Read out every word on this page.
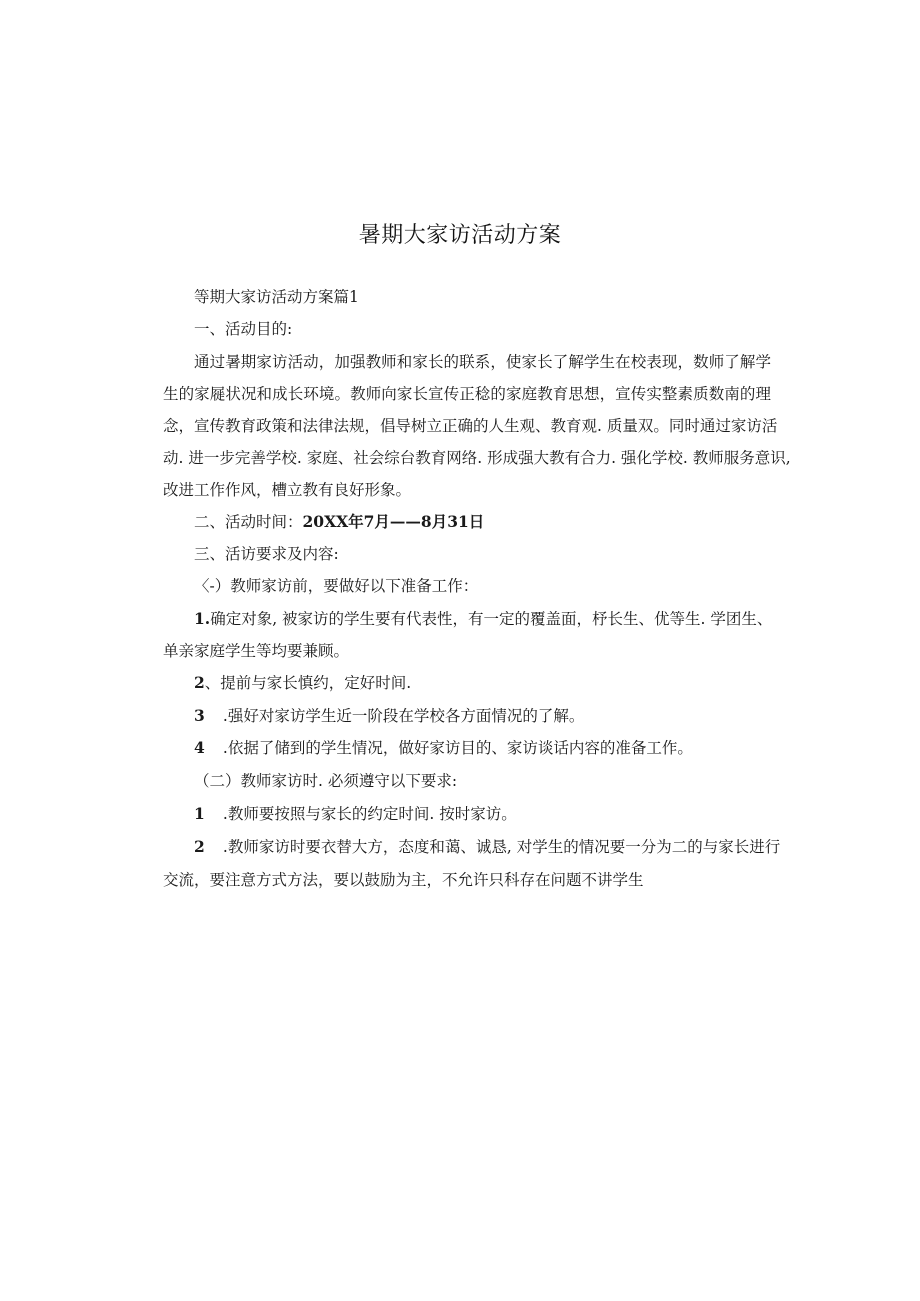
暑期大家访活动方案
等期大家访活动方案篇1
一、活动目的:
通过暑期家访活动，加强教师和家长的联系，使家长了解学生在校表现，数师了解学
生的家屣状况和成长环境。教师向家长宣传正稔的家庭教育思想，宣传实整素质数南的理
念，宣传教育政策和法律法规，倡导树立正确的人生观、教育观. 质量双。同时通过家访活
动. 进一步完善学校. 家庭、社会综台教育网络. 形成强大教有合力. 强化学校. 教师服务意识,
改进工作作风，槽立教有良好形象。
二、活动时间：20XX年7月——8月31日
三、活访要求及内容:
〈-）教师家访前，要做好以下准备工作：
1.确定对象, 被家访的学生要有代表性，有一定的覆盖面，杼长生、优等生. 学团生、
单亲家庭学生等均要兼顾。
2、提前与家长慎约，定好时间.
3 .强好对家访学生近一阶段在学校各方面情况的了解。
4 .依据了储到的学生情况，做好家访目的、家访谈话内容的准备工作。
（二）教师家访时. 必须遵守以下要求:
1 .教师要按照与家长的约定时间. 按时家访。
2 .教师家访时要衣替大方，态度和蔼、诚恳, 对学生的情况要一分为二的与家长进行
交流，要注意方式方法，要以鼓励为主，不允许只科存在问题不讲学生
